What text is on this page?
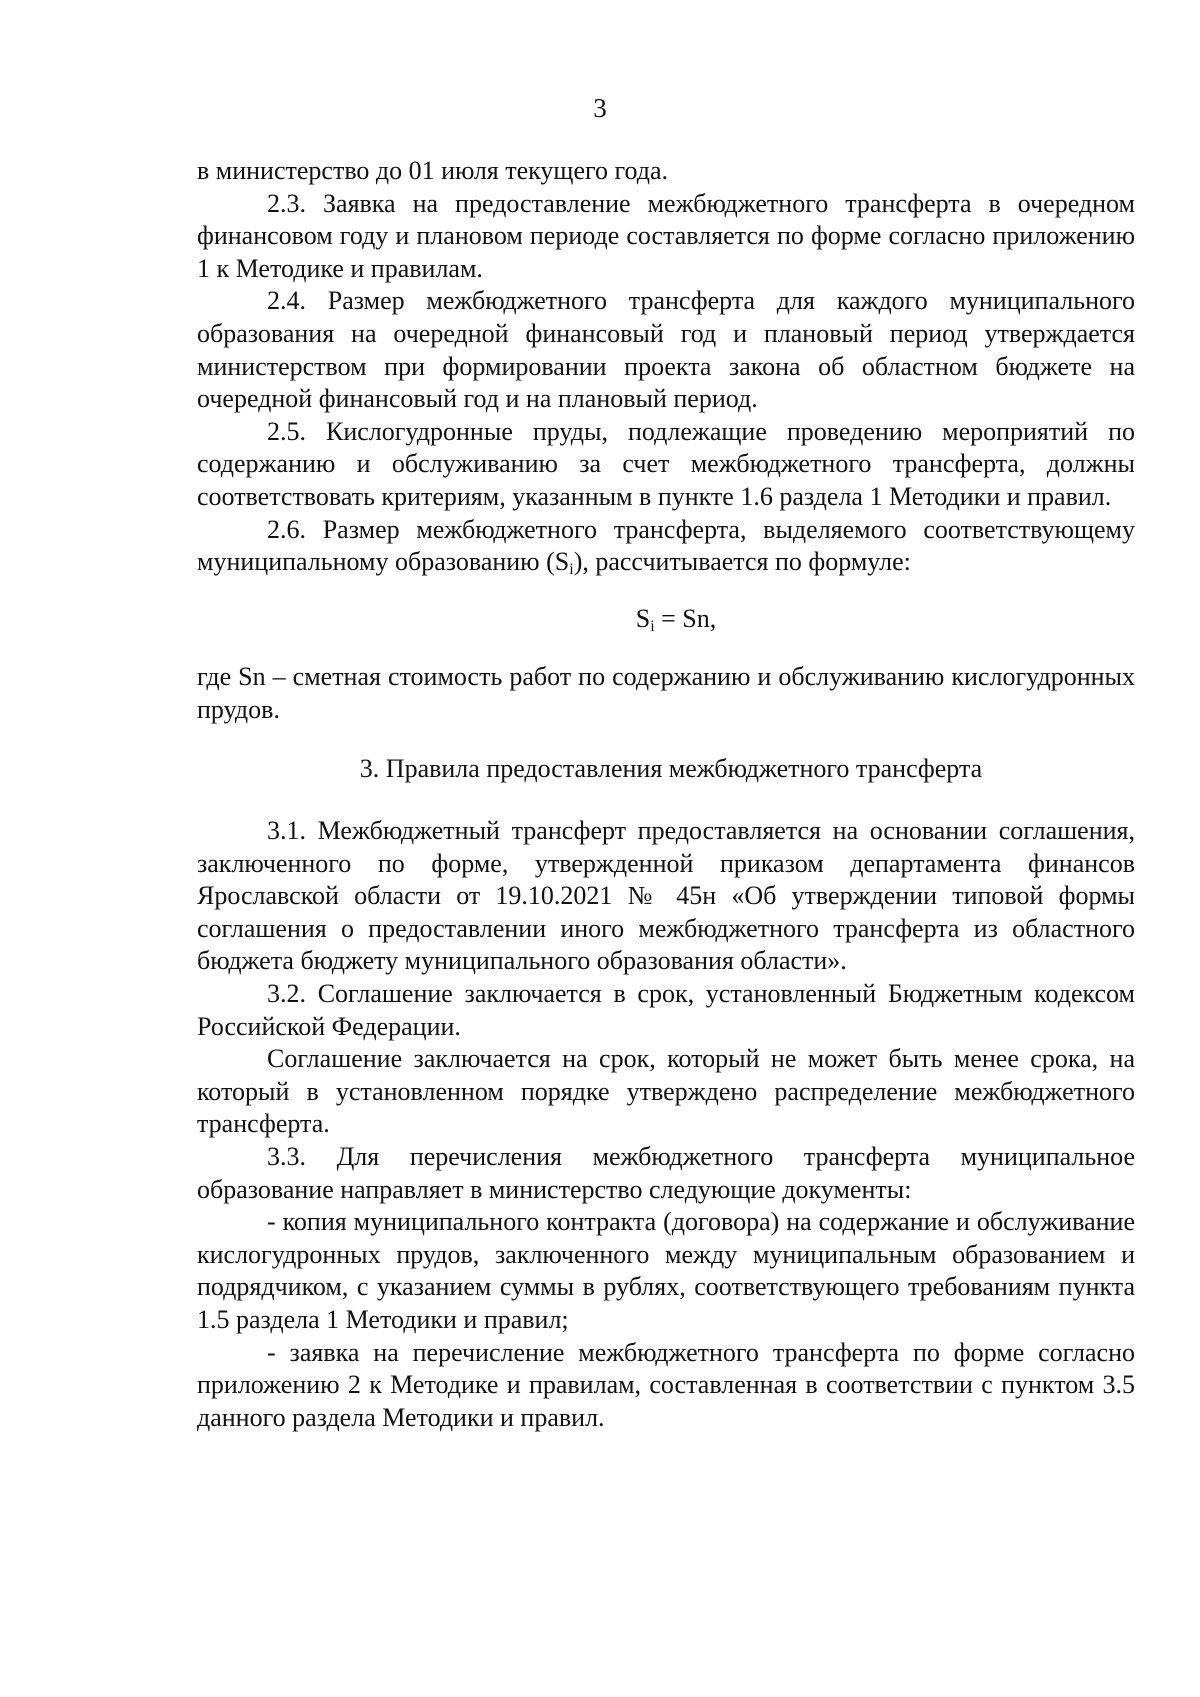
3

в министерство до 01 июля текущего года.

2.3. Заявка на предоставление межбюджетного трансферта в очередном финансовом году и плановом периоде составляется по форме согласно приложению 1 к Методике и правилам.

2.4. Размер межбюджетного трансферта для каждого муниципального образования на очередной финансовый год и плановый период утверждается министерством при формировании проекта закона об областном бюджете на очередной финансовый год и на плановый период.

2.5. Кислогудронные пруды, подлежащие проведению мероприятий по содержанию и обслуживанию за счет межбюджетного трансферта, должны соответствовать критериям, указанным в пункте 1.6 раздела 1 Методики и правил.

2.6. Размер межбюджетного трансферта, выделяемого соответствующему муниципальному образованию $(S_i)$, рассчитывается по формуле:

$S_i = Sn$,

где Sn – сметная стоимость работ по содержанию и обслуживанию кислогудронных прудов.

3. Правила предоставления межбюджетного трансферта

3.1. Межбюджетный трансферт предоставляется на основании соглашения, заключенного по форме, утвержденной приказом департамента финансов Ярославской области от 19.10.2021 № 45н «Об утверждении типовой формы соглашения о предоставлении иного межбюджетного трансферта из областного бюджета бюджету муниципального образования области».

3.2. Соглашение заключается в срок, установленный Бюджетным кодексом Российской Федерации.

Соглашение заключается на срок, который не может быть менее срока, на который в установленном порядке утверждено распределение межбюджетного трансферта.

3.3. Для перечисления межбюджетного трансферта муниципальное образование направляет в министерство следующие документы:

- копия муниципального контракта (договора) на содержание и обслуживание кислогудронных прудов, заключенного между муниципальным образованием и подрядчиком, с указанием суммы в рублях, соответствующего требованиям пункта 1.5 раздела 1 Методики и правил;

- заявка на перечисление межбюджетного трансферта по форме согласно приложению 2 к Методике и правилам, составленная в соответствии с пунктом 3.5 данного раздела Методики и правил.
